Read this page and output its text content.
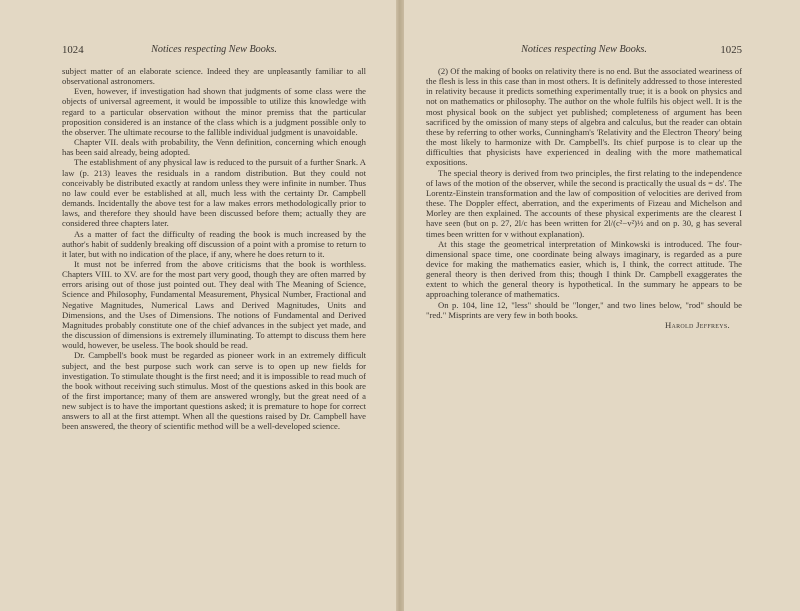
1024	Notices respecting New Books.

subject matter of an elaborate science. Indeed they are unpleasantly familiar to all observational astronomers.

Even, however, if investigation had shown that judgments of some class were the objects of universal agreement, it would be impossible to utilize this knowledge with regard to a particular observation without the minor premiss that the particular proposition considered is an instance of the class which is a judgment possible only to the observer. The ultimate recourse to the fallible individual judgment is unavoidable.

Chapter VII. deals with probability, the Venn definition, concerning which enough has been said already, being adopted.

The establishment of any physical law is reduced to the pursuit of a further Snark. A law (p. 213) leaves the residuals in a random distribution. But they could not conceivably be distributed exactly at random unless they were infinite in number. Thus no law could ever be established at all, much less with the certainty Dr. Campbell demands. Incidentally the above test for a law makes errors methodologically prior to laws, and therefore they should have been discussed before them; actually they are considered three chapters later.

As a matter of fact the difficulty of reading the book is much increased by the author's habit of suddenly breaking off discussion of a point with a promise to return to it later, but with no indication of the place, if any, where he does return to it.

It must not be inferred from the above criticisms that the book is worthless. Chapters VIII. to XV. are for the most part very good, though they are often marred by errors arising out of those just pointed out. They deal with The Meaning of Science, Science and Philosophy, Fundamental Measurement, Physical Number, Fractional and Negative Magnitudes, Numerical Laws and Derived Magnitudes, Units and Dimensions, and the Uses of Dimensions. The notions of Fundamental and Derived Magnitudes probably constitute one of the chief advances in the subject yet made, and the discussion of dimensions is extremely illuminating. To attempt to discuss them here would, however, be useless. The book should be read.

Dr. Campbell's book must be regarded as pioneer work in an extremely difficult subject, and the best purpose such work can serve is to open up new fields for investigation. To stimulate thought is the first need; and it is impossible to read much of the book without receiving such stimulus. Most of the questions asked in this book are of the first importance; many of them are answered wrongly, but the great need of a new subject is to have the important questions asked; it is premature to hope for correct answers to all at the first attempt. When all the questions raised by Dr. Campbell have been answered, the theory of scientific method will be a well-developed science.

Notices respecting New Books.	1025

(2) Of the making of books on relativity there is no end. But the associated weariness of the flesh is less in this case than in most others. It is definitely addressed to those interested in relativity because it predicts something experimentally true; it is a book on physics and not on mathematics or philosophy. The author on the whole fulfils his object well. It is the most physical book on the subject yet published; completeness of argument has been sacrificed by the omission of many steps of algebra and calculus, but the reader can obtain these by referring to other works, Cunningham's 'Relativity and the Electron Theory' being the most likely to harmonize with Dr. Campbell's. Its chief purpose is to clear up the difficulties that physicists have experienced in dealing with the more mathematical expositions.

The special theory is derived from two principles, the first relating to the independence of laws of the motion of the observer, while the second is practically the usual ds = ds'. The Lorentz-Einstein transformation and the law of composition of velocities are derived from these. The Doppler effect, aberration, and the experiments of Fizeau and Michelson and Morley are then explained. The accounts of these physical experiments are the clearest I have seen (but on p. 27, 2l/c has been written for 2l/(c²−v²)½ and on p. 30, g has several times been written for v without explanation).

At this stage the geometrical interpretation of Minkowski is introduced. The four-dimensional space time, one coordinate being always imaginary, is regarded as a pure device for making the mathematics easier, which is, I think, the correct attitude. The general theory is then derived from this; though I think Dr. Campbell exaggerates the extent to which the general theory is hypothetical. In the summary he appears to be approaching tolerance of mathematics.

On p. 104, line 12, "less" should be "longer," and two lines below, "rod" should be "red." Misprints are very few in both books.

Harold Jeffreys.
